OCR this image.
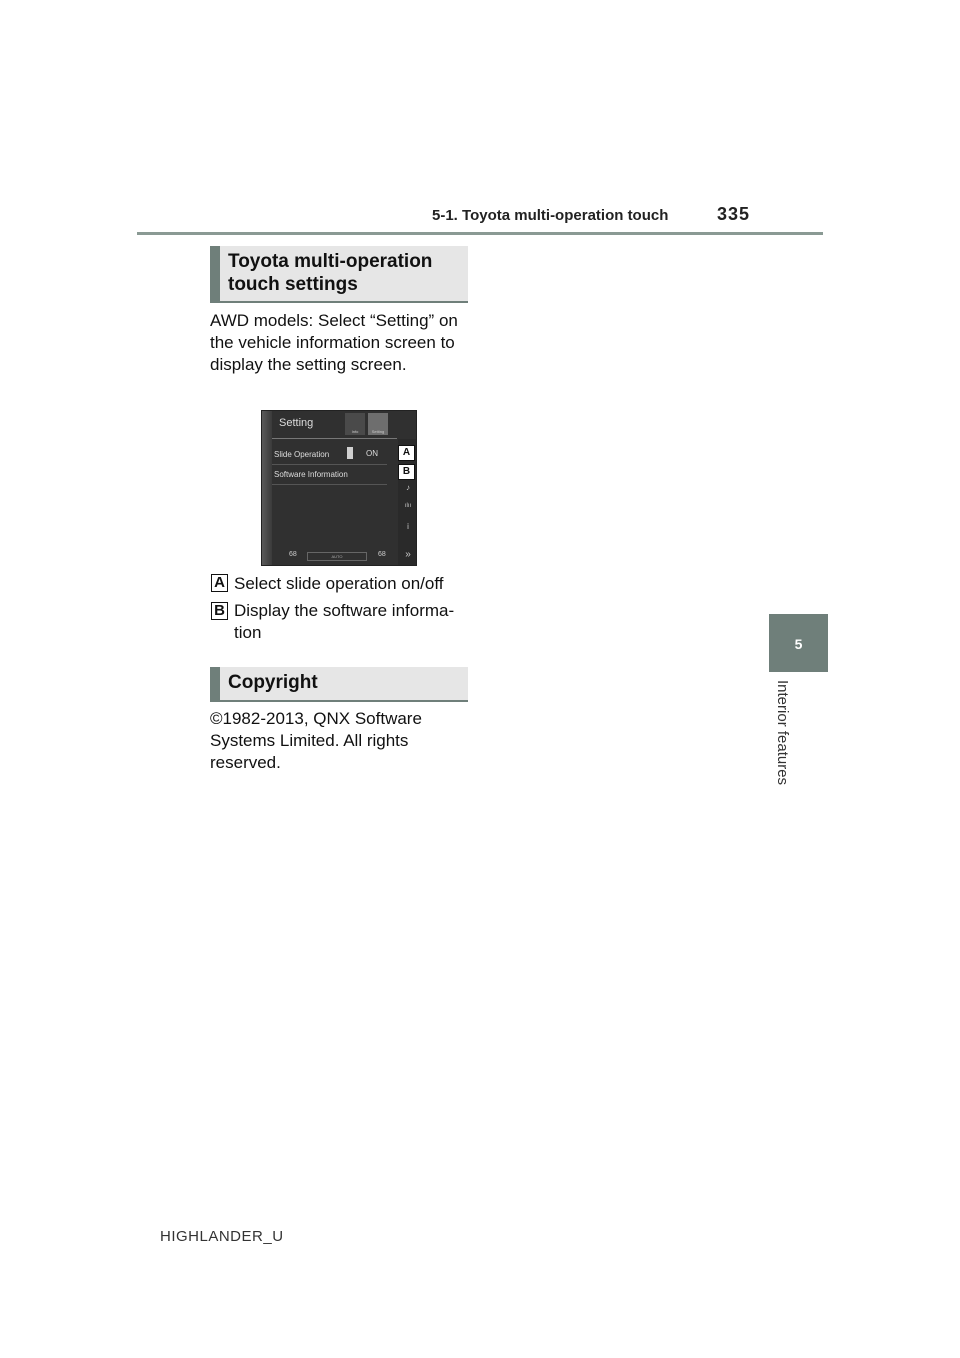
5-1. Toyota multi-operation touch	335
5
Interior features
Toyota multi-operation touch settings
AWD models: Select “Setting” on the vehicle information screen to display the setting screen.
Setting
Info	Setting
Slide Operation	ON
Software Information
A
B
♪
ılıı
i
»
68	AUTO	68
A Select slide operation on/off
B Display the software informa-tion
Copyright
©1982-2013, QNX Software Systems Limited. All rights reserved.
HIGHLANDER_U
